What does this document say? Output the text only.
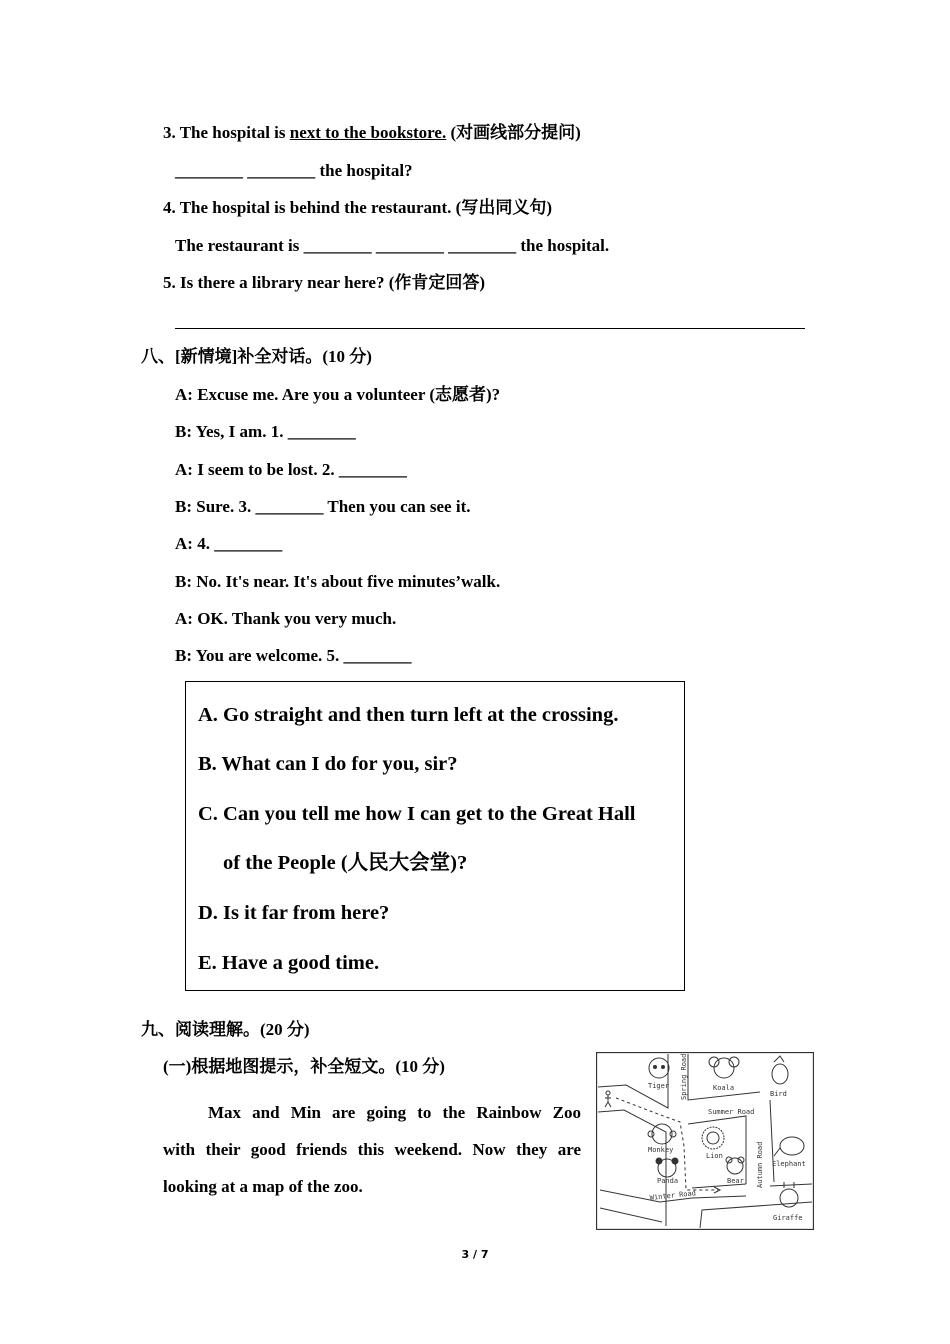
3. The hospital is next to the bookstore. (对画线部分提问)
________ ________ the hospital?
4. The hospital is behind the restaurant. (写出同义句)
The restaurant is ________ ________ ________ the hospital.
5. Is there a library near here? (作肯定回答)
八、[新情境]补全对话。(10 分)
A: Excuse me. Are you a volunteer (志愿者)?
B: Yes, I am. 1. ________
A: I seem to be lost. 2. ________
B: Sure. 3. ________ Then you can see it.
A: 4. ________
B: No. It's near. It's about five minutes’walk.
A: OK. Thank you very much.
B: You are welcome. 5. ________
A. Go straight and then turn left at the crossing.
B. What can I do for you, sir?
C. Can you tell me how I can get to the Great Hall
of the People (人民大会堂)?
D. Is it far from here?
E. Have a good time.
九、阅读理解。(20 分)
(一)根据地图提示，补全短文。(10 分)
Max and Min are going to the Rainbow Zoo
with their good friends this weekend. Now they are
looking at a map of the zoo.
Tiger	Koala
Bird
Monkey
Lion
Elephant
Panda	Bear
Giraffe
Spring Road
Summer Road
Autumn Road
Winter Road
3 / 7
